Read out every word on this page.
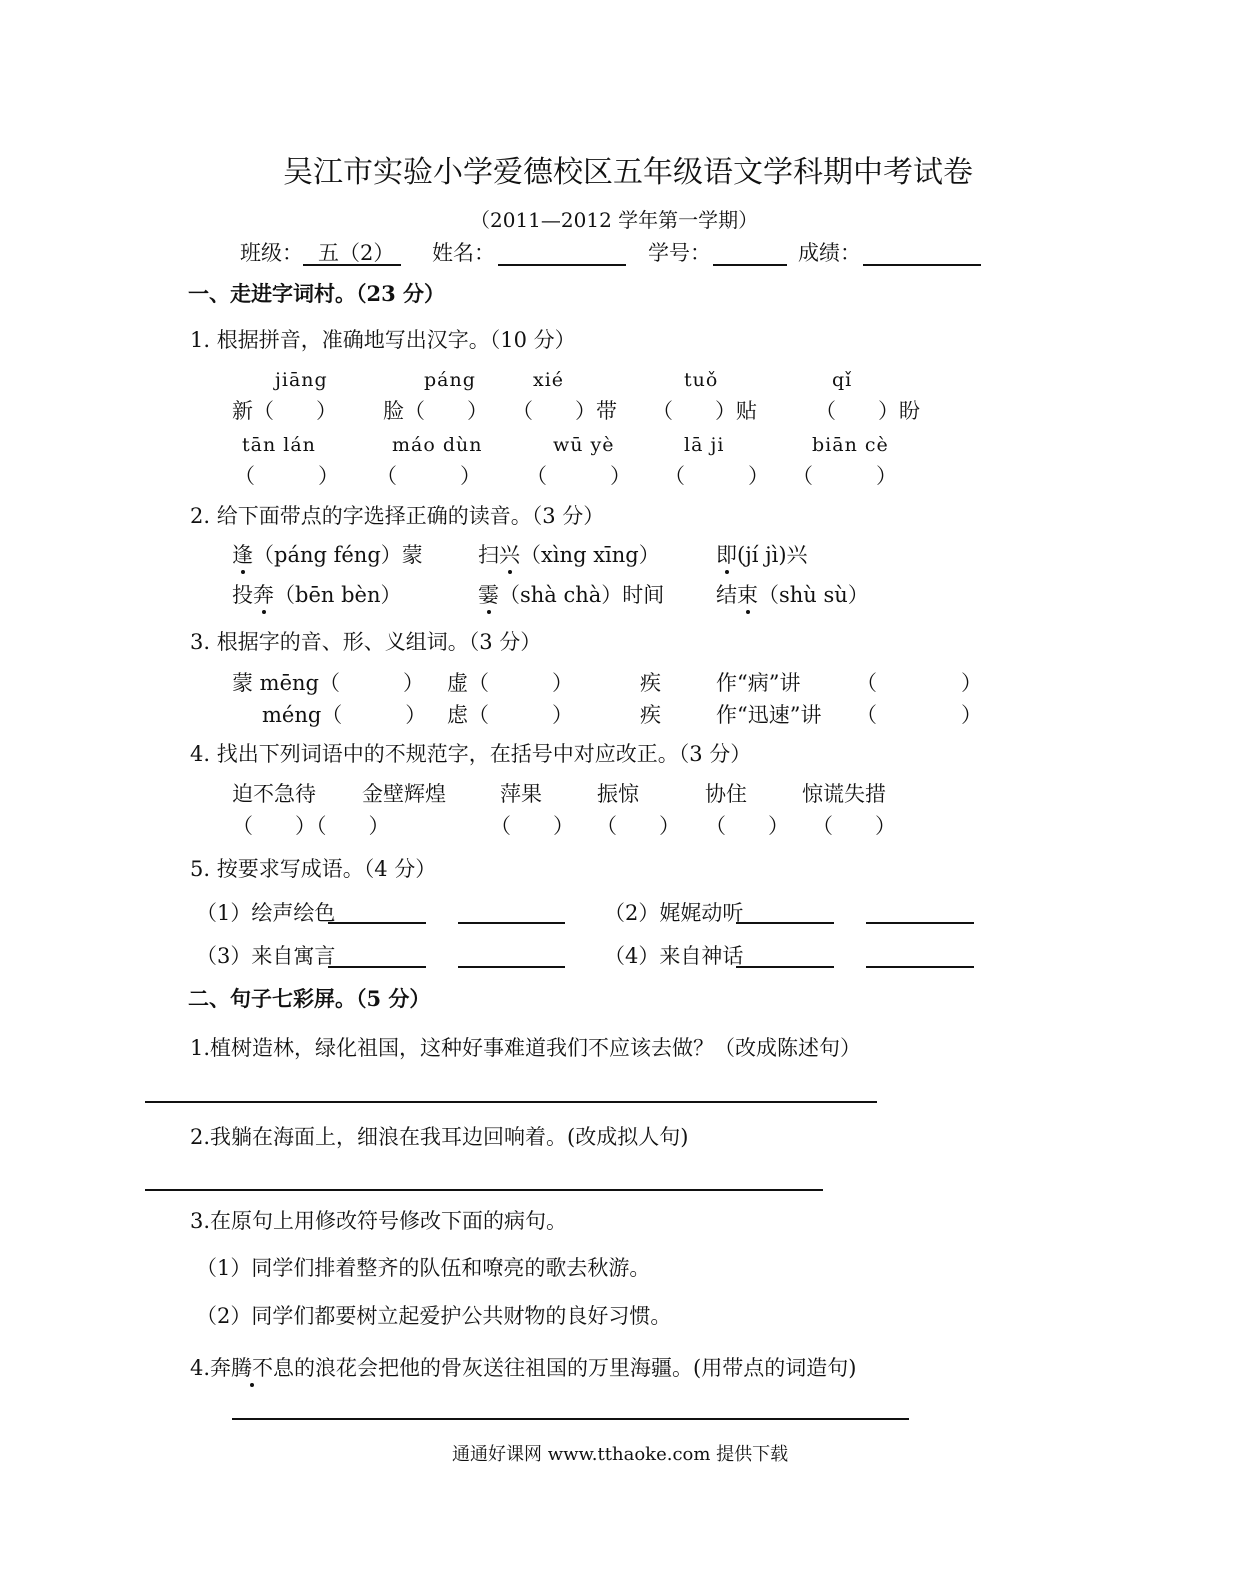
吴江市实验小学爱德校区五年级语文学科期中考试卷
（2011—2012 学年第一学期）
班级： 五（2） 姓名：	学号：	成绩：
一、走进字词村。（23 分）
1. 根据拼音，准确地写出汉字。（10 分）
jiāng	páng	xié	tuǒ	qǐ
新（　　） 脸（　　） （　　）带 （　　）贴	（　　）盼
tān lán	máo dùn	wū yè	lā ji	biān cè
（　　　） （　　　） （　　　） （　　　） （　　　）
2. 给下面带点的字选择正确的读音。（3 分）
逢（páng féng）蒙	扫兴（xìng xīng）	即(jí jì)兴
投奔（bēn bèn）	霎（shà chà）时间 结束（shù sù）
3. 根据字的音、形、义组词。（3 分）
蒙 mēng（　　　） 虚（　　　）	疾	作“病”讲	（　　　　）
méng（　　　） 虑（　　　）	疾	作“迅速”讲 （　　　　）
4. 找出下列词语中的不规范字，在括号中对应改正。（3 分）
迫不急待 金壁辉煌	萍果	振惊	协住	惊谎失措
（　　）（　　）	（　　） （　　） （　　） （　　）
5. 按要求写成语。（4 分）
（1）绘声绘色	（2）娓娓动听
（3）来自寓言	（4）来自神话
二、句子七彩屏。（5 分）
1.植树造林，绿化祖国，这种好事难道我们不应该去做？（改成陈述句）
2.我躺在海面上，细浪在我耳边回响着。(改成拟人句)
3.在原句上用修改符号修改下面的病句。
（1）同学们排着整齐的队伍和嘹亮的歌去秋游。
（2）同学们都要树立起爱护公共财物的良好习惯。
4.奔腾不息的浪花会把他的骨灰送往祖国的万里海疆。(用带点的词造句)
通通好课网 www.tthaoke.com 提供下载
